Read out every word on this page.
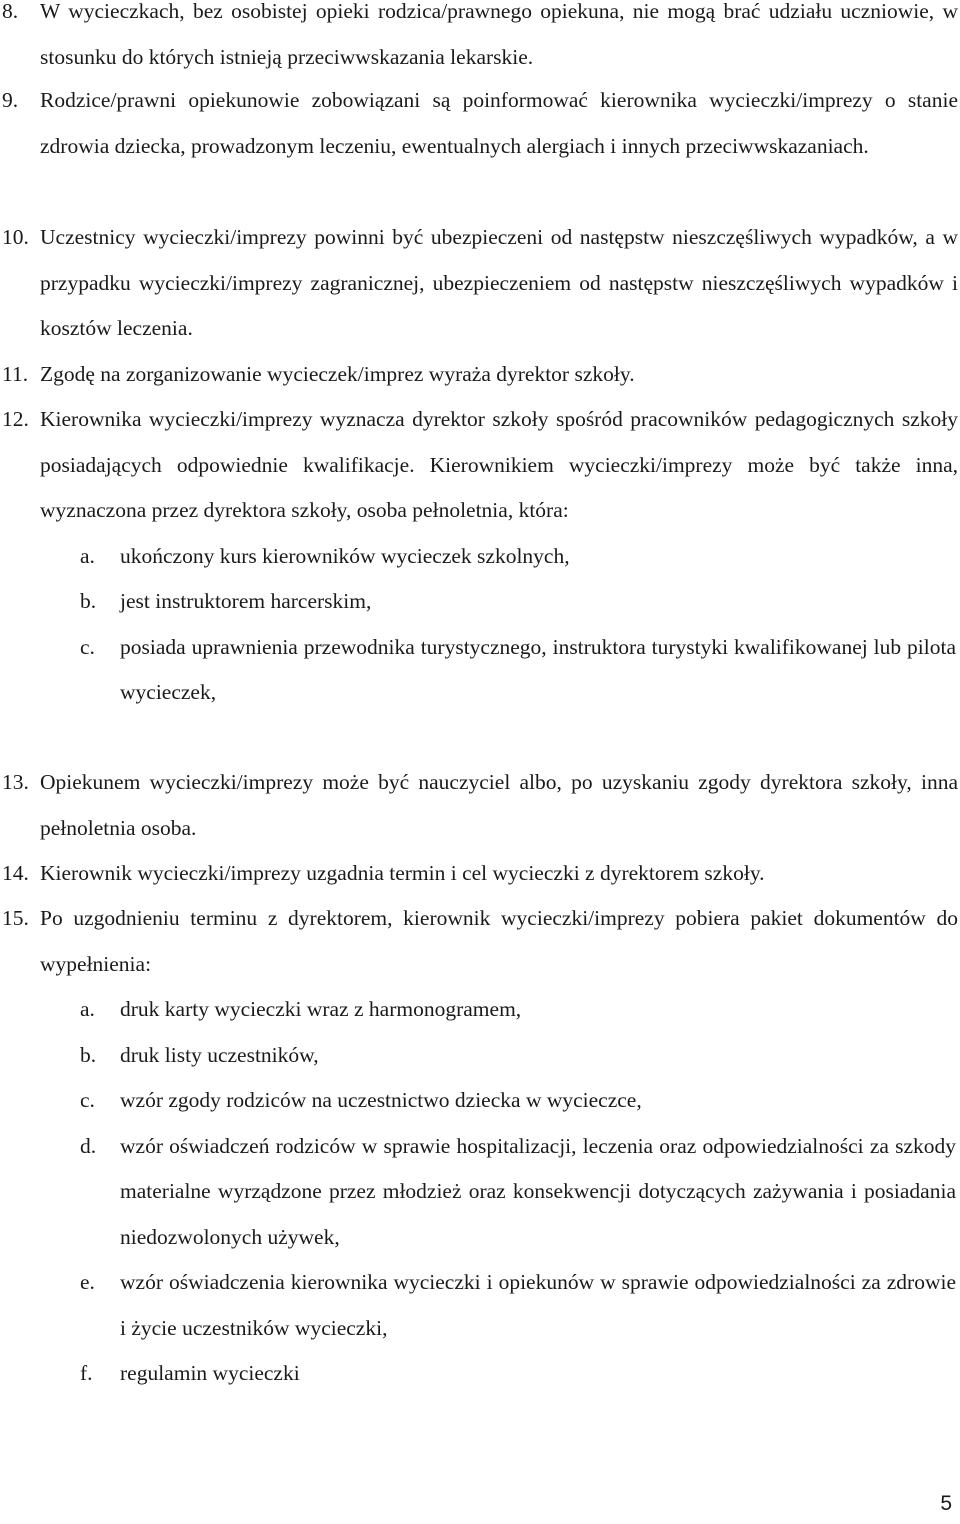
8. W wycieczkach, bez osobistej opieki rodzica/prawnego opiekuna, nie mogą brać udziału uczniowie, w stosunku do których istnieją przeciwwskazania lekarskie.
9. Rodzice/prawni opiekunowie zobowiązani są poinformować kierownika wycieczki/imprezy o stanie zdrowia dziecka, prowadzonym leczeniu, ewentualnych alergiach i innych przeciwwskazaniach.
10. Uczestnicy wycieczki/imprezy powinni być ubezpieczeni od następstw nieszczęśliwych wypadków, a w przypadku wycieczki/imprezy zagranicznej, ubezpieczeniem od następstw nieszczęśliwych wypadków i kosztów leczenia.
11. Zgodę na zorganizowanie wycieczek/imprez wyraża dyrektor szkoły.
12. Kierownika wycieczki/imprezy wyznacza dyrektor szkoły spośród pracowników pedagogicznych szkoły posiadających odpowiednie kwalifikacje. Kierownikiem wycieczki/imprezy może być także inna, wyznaczona przez dyrektora szkoły, osoba pełnoletnia, która:
a. ukończony kurs kierowników wycieczek szkolnych,
b. jest instruktorem harcerskim,
c. posiada uprawnienia przewodnika turystycznego, instruktora turystyki kwalifikowanej lub pilota wycieczek,
13. Opiekunem wycieczki/imprezy może być nauczyciel albo, po uzyskaniu zgody dyrektora szkoły, inna pełnoletnia osoba.
14. Kierownik wycieczki/imprezy uzgadnia termin i cel wycieczki z dyrektorem szkoły.
15. Po uzgodnieniu terminu z dyrektorem, kierownik wycieczki/imprezy pobiera pakiet dokumentów do wypełnienia:
a. druk karty wycieczki wraz z harmonogramem,
b. druk listy uczestników,
c. wzór zgody rodziców na uczestnictwo dziecka w wycieczce,
d. wzór oświadczeń rodziców w sprawie hospitalizacji, leczenia oraz odpowiedzialności za szkody materialne wyrządzone przez młodzież oraz konsekwencji dotyczących zażywania i posiadania niedozwolonych używek,
e. wzór oświadczenia kierownika wycieczki i opiekunów w sprawie odpowiedzialności za zdrowie i życie uczestników wycieczki,
f. regulamin wycieczki
5
